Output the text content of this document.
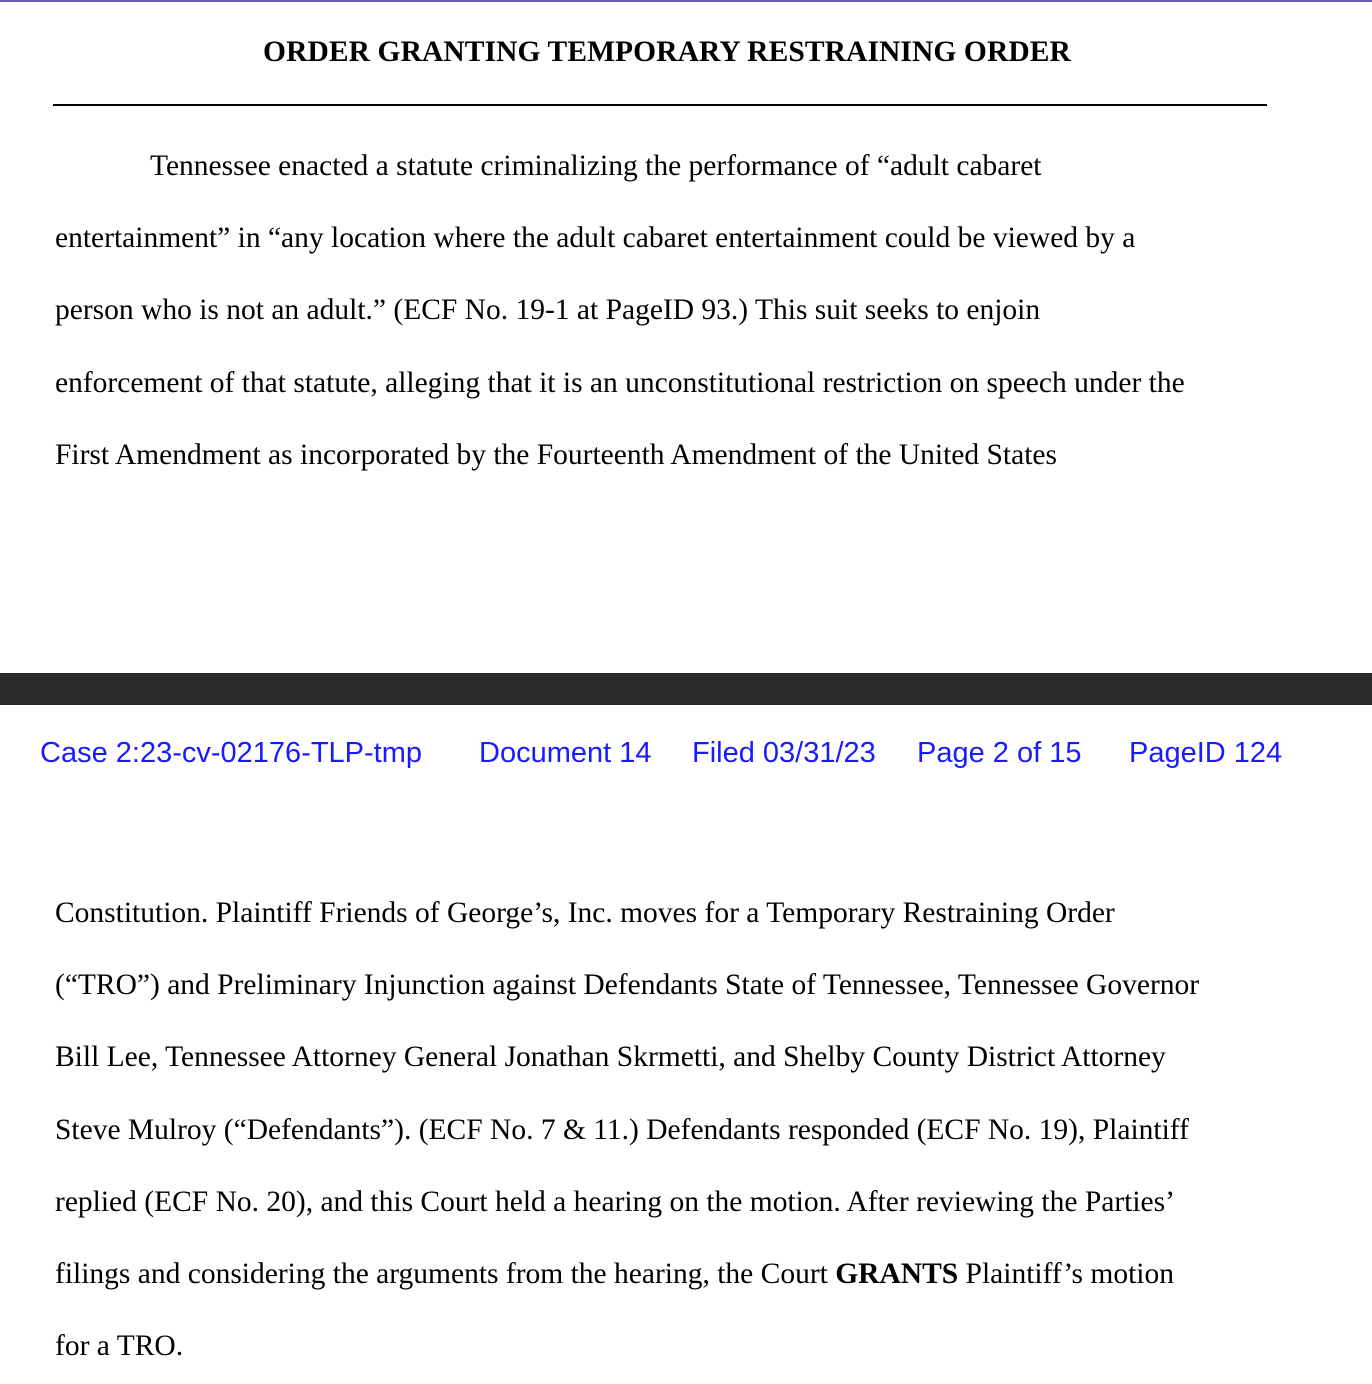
ORDER GRANTING TEMPORARY RESTRAINING ORDER
Tennessee enacted a statute criminalizing the performance of “adult cabaret
entertainment” in “any location where the adult cabaret entertainment could be viewed by a
person who is not an adult.” (ECF No. 19-1 at PageID 93.) This suit seeks to enjoin
enforcement of that statute, alleging that it is an unconstitutional restriction on speech under the
First Amendment as incorporated by the Fourteenth Amendment of the United States
Case 2:23-cv-02176-TLP-tmp Document 14 Filed 03/31/23 Page 2 of 15 PageID 124
Constitution. Plaintiff Friends of George’s, Inc. moves for a Temporary Restraining Order
(“TRO”) and Preliminary Injunction against Defendants State of Tennessee, Tennessee Governor
Bill Lee, Tennessee Attorney General Jonathan Skrmetti, and Shelby County District Attorney
Steve Mulroy (“Defendants”). (ECF No. 7 & 11.) Defendants responded (ECF No. 19), Plaintiff
replied (ECF No. 20), and this Court held a hearing on the motion. After reviewing the Parties’
filings and considering the arguments from the hearing, the Court GRANTS Plaintiff’s motion
for a TRO.
